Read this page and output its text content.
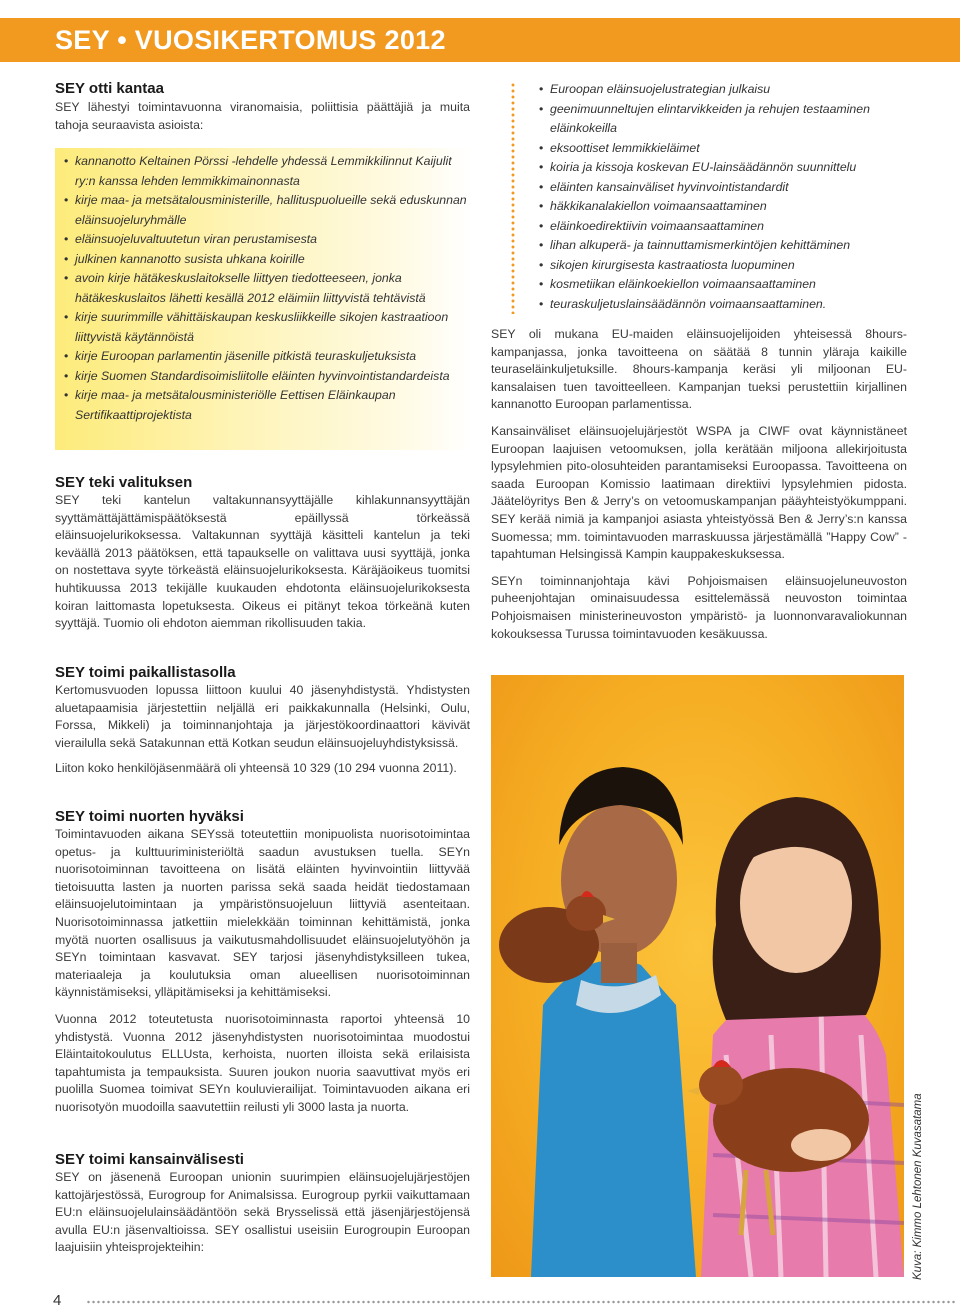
SEY • VUOSIKERTOMUS 2012
SEY otti kantaa

SEY lähestyi toimintavuonna viranomaisia, poliittisia päättäjiä ja muita tahoja seuraavista asioista:

• kannanotto Keltainen Pörssi -lehdelle yhdessä Lemmikkilinnut Kaijulit ry:n kanssa lehden lemmikkimainonnasta
• kirje maa- ja metsätalousministerille, hallituspuolueille sekä eduskunnan eläinsuojeluryhmälle
• eläinsuojeluvaltuutetun viran perustamisesta
• julkinen kannanotto susista uhkana koirille
• avoin kirje hätäkeskuslaitokselle liittyen tiedotteeseen, jonka hätäkeskuslaitos lähetti kesällä 2012 eläimiin liittyvistä tehtävistä
• kirje suurimmille vähittäiskaupan keskusliikkeille sikojen kastraatioon liittyvistä käytännöistä
• kirje Euroopan parlamentin jäsenille pitkistä teuraskuljetuksista
• kirje Suomen Standardisoimisliitolle eläinten hyvinvointistandardeista
• kirje maa- ja metsätalousministeriölle Eettisen Eläinkaupan Sertifikaattiprojektista
SEY teki valituksen

SEY teki kantelun valtakunnansyyttäjälle kihlakunnansyyttäjän syyttämättäjättämispäätöksestä epäillyssä törkeässä eläinsuojelurikoksessa. Valtakunnan syyttäjä käsitteli kantelun ja teki keväällä 2013 päätöksen, että tapaukselle on valittava uusi syyttäjä, jonka on nostettava syyte törkeästä eläinsuojelurikoksesta. Käräjäoikeus tuomitsi huhtikuussa 2013 tekijälle kuukauden ehdotonta eläinsuojelurikoksesta koiran laittomasta lopetuksesta. Oikeus ei pitänyt tekoa törkeänä kuten syyttäjä. Tuomio oli ehdoton aiemman rikollisuuden takia.

SEY toimi paikallistasolla

Kertomusvuoden lopussa liittoon kuului 40 jäsenyhdistystä. Yhdistysten aluetapaamisia järjestettiin neljällä eri paikkakunnalla (Helsinki, Oulu, Forssa, Mikkeli) ja toiminnanjohtaja ja järjestökoordinaattori kävivät vierailulla sekä Satakunnan että Kotkan seudun eläinsuojeluyhdistyksissä.

Liiton koko henkilöjäsenmäärä oli yhteensä 10 329 (10 294 vuonna 2011).

SEY toimi nuorten hyväksi

Toimintavuoden aikana SEYssä toteutettiin monipuolista nuorisotoimintaa opetus- ja kulttuuriministeriöltä saadun avustuksen tuella. SEYn nuorisotoiminnan tavoitteena on lisätä eläinten hyvinvointiin liittyvää tietoisuutta lasten ja nuorten parissa sekä saada heidät tiedostamaan eläinsuojelutoimintaan ja ympäristönsuojeluun liittyviä asenteitaan. Nuorisotoiminnassa jatkettiin mielekkään toiminnan kehittämistä, jonka myötä nuorten osallisuus ja vaikutusmahdollisuudet eläinsuojelutyöhön ja SEYn toimintaan kasvavat. SEY tarjosi jäsenyhdistyksilleen tukea, materiaaleja ja koulutuksia oman alueellisen nuorisotoiminnan käynnistämiseksi, ylläpitämiseksi ja kehittämiseksi.

Vuonna 2012 toteutetusta nuorisotoiminnasta raportoi yhteensä 10 yhdistystä. Vuonna 2012 jäsenyhdistysten nuorisotoimintaa muodostui Eläintaitokoulutus ELLUsta, kerhoista, nuorten illoista sekä erilaisista tapahtumista ja tempauksista. Suuren joukon nuoria saavuttivat myös eri puolilla Suomea toimivat SEYn kouluvierailijat. Toimintavuoden aikana eri nuorisotyön muodoilla saavutettiin reilusti yli 3000 lasta ja nuorta.

SEY toimi kansainvälisesti

SEY on jäsenenä Euroopan unionin suurimpien eläinsuojelujärjestöjen kattojärjestössä, Eurogroup for Animalsissa. Eurogroup pyrkii vaikuttamaan EU:n eläinsuojelulainsäädäntöön sekä Brysselissä että jäsenjärjestöjensä avulla EU:n jäsenvaltioissa. SEY osallistui useisiin Eurogroupin Euroopan laajuisiin yhteisprojekteihin:

• Euroopan eläinsuojelustrategian julkaisu
• geenimuunneltujen elintarvikkeiden ja rehujen testaaminen eläinkokeilla
• eksoottiset lemmikkieläimet
• koiria ja kissoja koskevan EU-lainsäädännön suunnittelu
• eläinten kansainväliset hyvinvointistandardit
• häkkikanalakiellon voimaansaattaminen
• eläinkoedirektiivin voimaansaattaminen
• lihan alkuperä- ja tainnuttamismerkintöjen kehittäminen
• sikojen kirurgisesta kastraatiosta luopuminen
• kosmetiikan eläinkoekiellon voimaansaattaminen
• teuraskuljetuslainsäädännön voimaansaattaminen.

SEY oli mukana EU-maiden eläinsuojelijoiden yhteisessä 8hours-kampanjassa, jonka tavoitteena on säätää 8 tunnin yläraja kaikille teuraseläinkuljetuksille. 8hours-kampanja keräsi yli miljoonan EU-kansalaisen tuen tavoitteelleen. Kampanjan tueksi perustettiin kirjallinen kannanotto Euroopan parlamentissa.

Kansainväliset eläinsuojelujärjestöt WSPA ja CIWF ovat käynnistäneet Euroopan laajuisen vetoomuksen, jolla kerätään miljoona allekirjoitusta lypsylehmien pito-olosuhteiden parantamiseksi Euroopassa. Tavoitteena on saada Euroopan Komissio laatimaan direktiivi lypsylehmien pidosta. Jäätelöyritys Ben & Jerry’s on vetoomuskampanjan pääyhteistyökumppani. SEY kerää nimiä ja kampanjoi asiasta yhteistyössä Ben & Jerry’s:n kanssa Suomessa; mm. toimintavuoden marraskuussa järjestämällä ”Happy Cow” -tapahtuman Helsingissä Kampin kauppakeskuksessa.

SEYn toiminnanjohtaja kävi Pohjoismaisen eläinsuojeluneuvoston puheenjohtajan ominaisuudessa esittelemässä neuvoston toimintaa Pohjoismaisen ministerineuvoston ympäristö- ja luonnonvaravaliokunnan kokouksessa Turussa toimintavuoden kesäkuussa.

Kuva: Kimmo Lehtonen Kuvasatama
4
